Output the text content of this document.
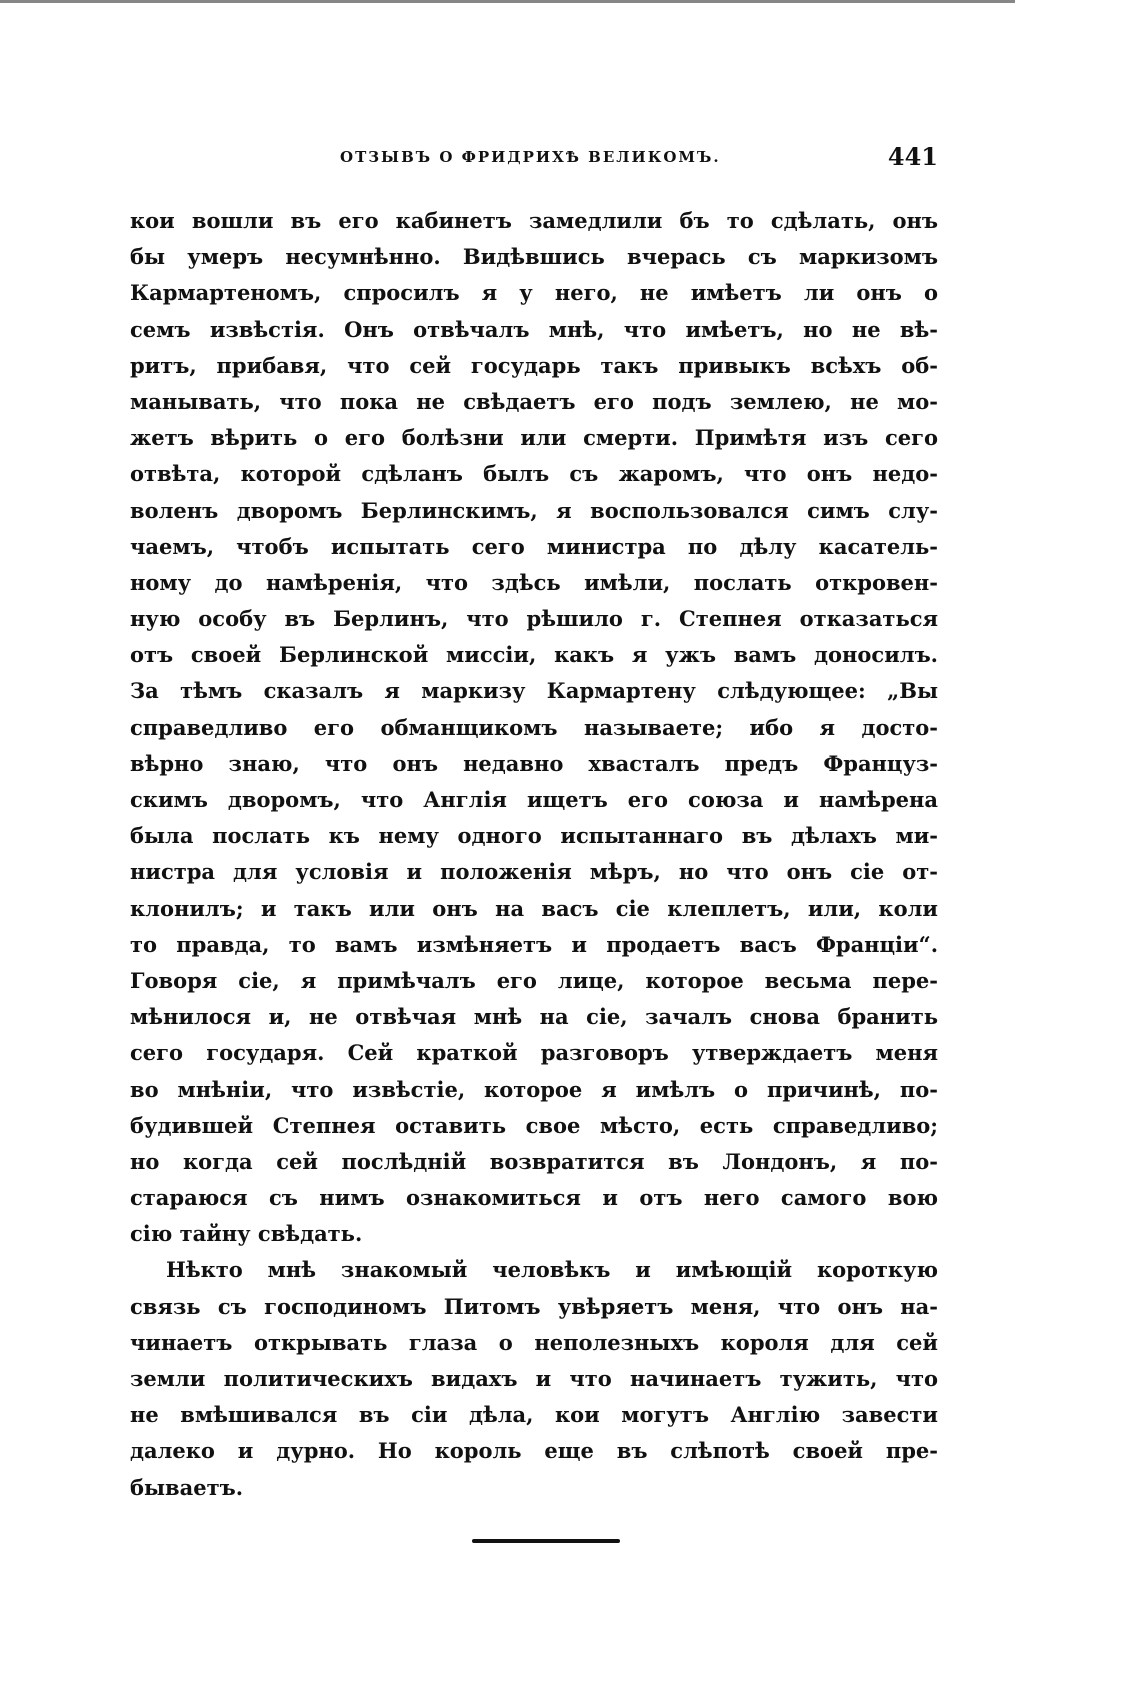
ОТЗЫВЪ О ФРИДРИХѢ ВЕЛИКОМЪ.	441
кои вошли въ его кабинетъ замедлили бъ то сдѣлать, онъ
бы умеръ несумнѣнно. Видѣвшись вчерась съ маркизомъ
Кармартеномъ, спросилъ я у него, не имѣетъ ли онъ о
семъ извѣстія. Онъ отвѣчалъ мнѣ, что имѣетъ, но не вѣ-
ритъ, прибавя, что сей государь такъ привыкъ всѣхъ об-
манывать, что пока не свѣдаетъ его подъ землею, не мо-
жетъ вѣрить о его болѣзни или смерти. Примѣтя изъ сего
отвѣта, которой сдѣланъ былъ съ жаромъ, что онъ недо-
воленъ дворомъ Берлинскимъ, я воспользовался симъ слу-
чаемъ, чтобъ испытать сего министра по дѣлу касатель-
ному до намѣренія, что здѣсь имѣли, послать откровен-
ную особу въ Берлинъ, что рѣшило г. Степнея отказаться
отъ своей Берлинской миссіи, какъ я ужъ вамъ доносилъ.
За тѣмъ сказалъ я маркизу Кармартену слѣдующее: „Вы
справедливо его обманщикомъ называете; ибо я досто-
вѣрно знаю, что онъ недавно хвасталъ предъ Француз-
скимъ дворомъ, что Англія ищетъ его союза и намѣрена
была послать къ нему одного испытаннаго въ дѣлахъ ми-
нистра для условія и положенія мѣръ, но что онъ сіе от-
клонилъ; и такъ или онъ на васъ сіе клеплетъ, или, коли
то правда, то вамъ измѣняетъ и продаетъ васъ Франціи“.
Говоря сіе, я примѣчалъ его лице, которое весьма пере-
мѣнилося и, не отвѣчая мнѣ на сіе, зачалъ снова бранить
сего государя. Сей краткой разговоръ утверждаетъ меня
во мнѣніи, что извѣстіе, которое я имѣлъ о причинѣ, по-
будившей Степнея оставить свое мѣсто, есть справедливо;
но когда сей послѣдній возвратится въ Лондонъ, я по-
стараюся съ нимъ ознакомиться и отъ него самого вою
сію тайну свѣдать.
Нѣкто мнѣ знакомый человѣкъ и имѣющій короткую
связь съ господиномъ Питомъ увѣряетъ меня, что онъ на-
чинаетъ открывать глаза о неполезныхъ короля для сей
земли политическихъ видахъ и что начинаетъ тужить, что
не вмѣшивался въ сіи дѣла, кои могутъ Англію завести
далеко и дурно. Но король еще въ слѣпотѣ своей пре-
бываетъ.
